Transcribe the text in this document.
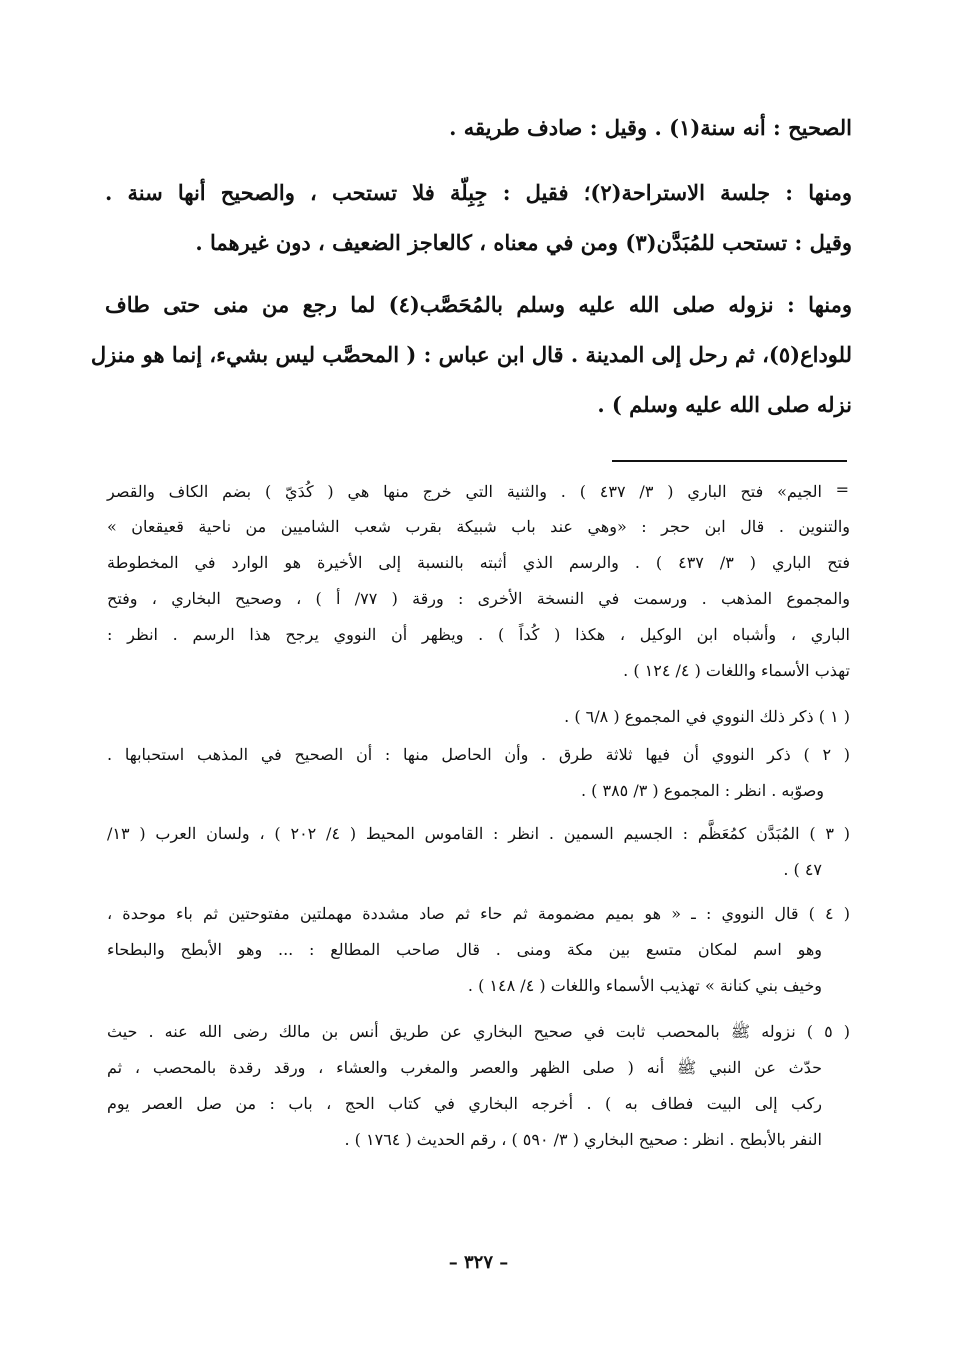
الصحيح : أنه سنة(١) . وقيل : صادف طريقه .
ومنها : جلسة الاستراحة(٢)؛ فقيل : جِبِلّة فلا تستحب ، والصحيح أنها سنة .
وقيل : تستحب للمُبَدَّن(٣) ومن في معناه ، كالعاجز الضعيف ، دون غيرهما .
ومنها : نزوله صلى الله عليه وسلم بالمُحَصَّب(٤) لما رجع من منى حتى طاف
للوداع(٥)، ثم رحل إلى المدينة . قال ابن عباس : ( المحصَّب ليس بشيء، إنما هو منزل
نزله صلى الله عليه وسلم ) .
=
الجيم» فتح الباري ( ٣/ ٤٣٧ ) . والثنية التي خرج منها هي ( كُدَيّ ) بضم الكاف والقصر
والتنوين . قال ابن حجر : «وهي عند باب شبيكة بقرب شعب الشاميين من ناحية قعيقعان »
فتح الباري ( ٣/ ٤٣٧ ) . والرسم الذي أثبته بالنسبة إلى الأخيرة هو الوارد في المخطوطة
والمجموع المذهب . ورسمت في النسخة الأخرى : ورقة ( ٧٧/ أ ) ، وصحيح البخاري ، وفتح
الباري ، وأشباه ابن الوكيل ، هكذا ( كُداً ) . ويظهر أن النووي يرجح هذا الرسم . انظر :
تهذب الأسماء واللغات ( ٤/ ١٢٤ ) .
( ١ ) ذكر ذلك النووي في المجموع ( ٦/٨ ) .
( ٢ ) ذكر النووي أن فيها ثلاثة طرق . وأن الحاصل منها : أن الصحيح في المذهب استحبابها .
وصوّبه . انظر : المجموع ( ٣/ ٣٨٥ ) .
( ٣ ) المُبَدَّن كمُعَظَّم : الجسيم السمين . انظر : القاموس المحيط ( ٤/ ٢٠٢ ) ، ولسان العرب ( ١٣/
٤٧ ) .
( ٤ ) قال النووي : ـ « هو بميم مضمومة ثم حاء ثم صاد مشددة مهملتين مفتوحتين ثم باء موحدة ،
وهو اسم لمكان متسع بين مكة ومنى . قال صاحب المطالع : ... وهو الأبطح والبطحاء
وخيف بني كنانة » تهذيب الأسماء واللغات ( ٤/ ١٤٨ ) .
( ٥ ) نزوله ﷺ بالمحصب ثابت في صحيح البخاري عن طريق أنس بن مالك رضى الله عنه . حيث
حدّث عن النبي ﷺ أنه ( صلى الظهر والعصر والمغرب والعشاء ، ورقد رقدة بالمحصب ، ثم
ركب إلى البيت فطاف به ) . أخرجه البخاري في كتاب الحج ، باب : من صل العصر يوم
النفر بالأبطح . انظر : صحيح البخاري ( ٣/ ٥٩٠ ) ، رقم الحديث ( ١٧٦٤ ) .
– ٣٢٧ –
